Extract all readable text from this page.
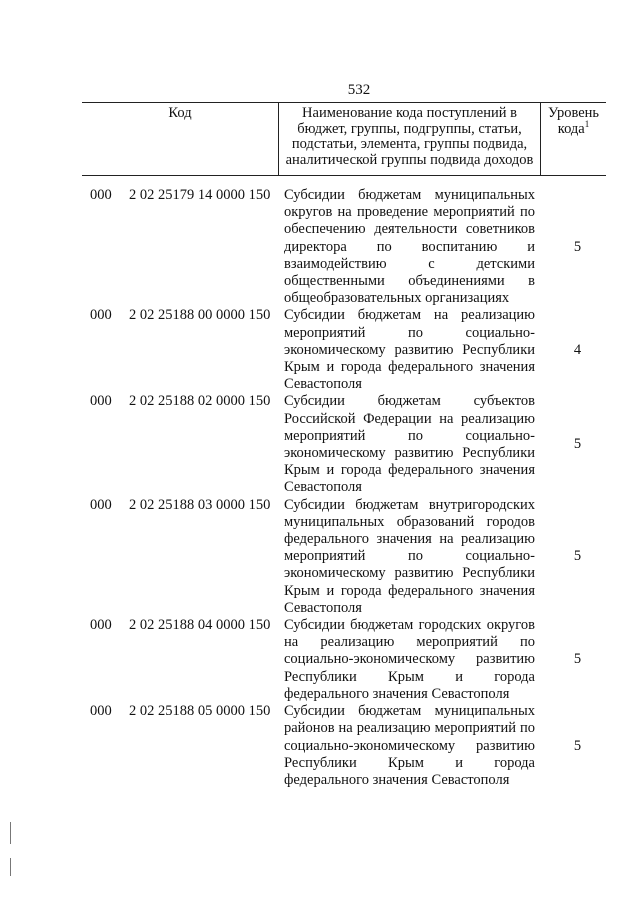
532
Код	Наименование кода поступлений в бюджет, группы, подгруппы, статьи, подстатьи, элемента, группы подвида, аналитической группы подвида доходов
Уровень кода$^1$
000	2 02 25179 14 0000 150 Субсидии бюджетам муниципальных округов на проведение мероприятий по обеспечению деятельности советников директора по воспитанию и взаимодействию с детскими общественными объединениями в общеобразовательных организациях
5
000	2 02 25188 00 0000 150 Субсидии бюджетам на реализацию мероприятий по социально-экономическому развитию Республики Крым и города федерального значения Севастополя
4
000	2 02 25188 02 0000 150 Субсидии бюджетам субъектов Российской Федерации на реализацию мероприятий по социально-экономическому развитию Республики Крым и города федерального значения Севастополя
5
000	2 02 25188 03 0000 150 Субсидии бюджетам внутригородских муниципальных образований городов федерального значения на реализацию мероприятий по социально-экономическому развитию Республики Крым и города федерального значения Севастополя
5
000	2 02 25188 04 0000 150 Субсидии бюджетам городских округов на реализацию мероприятий по социально-экономическому развитию Республики Крым и города федерального значения Севастополя
5
000	2 02 25188 05 0000 150 Субсидии бюджетам муниципальных районов на реализацию мероприятий по социально-экономическому развитию Республики Крым и города федерального значения Севастополя
5
